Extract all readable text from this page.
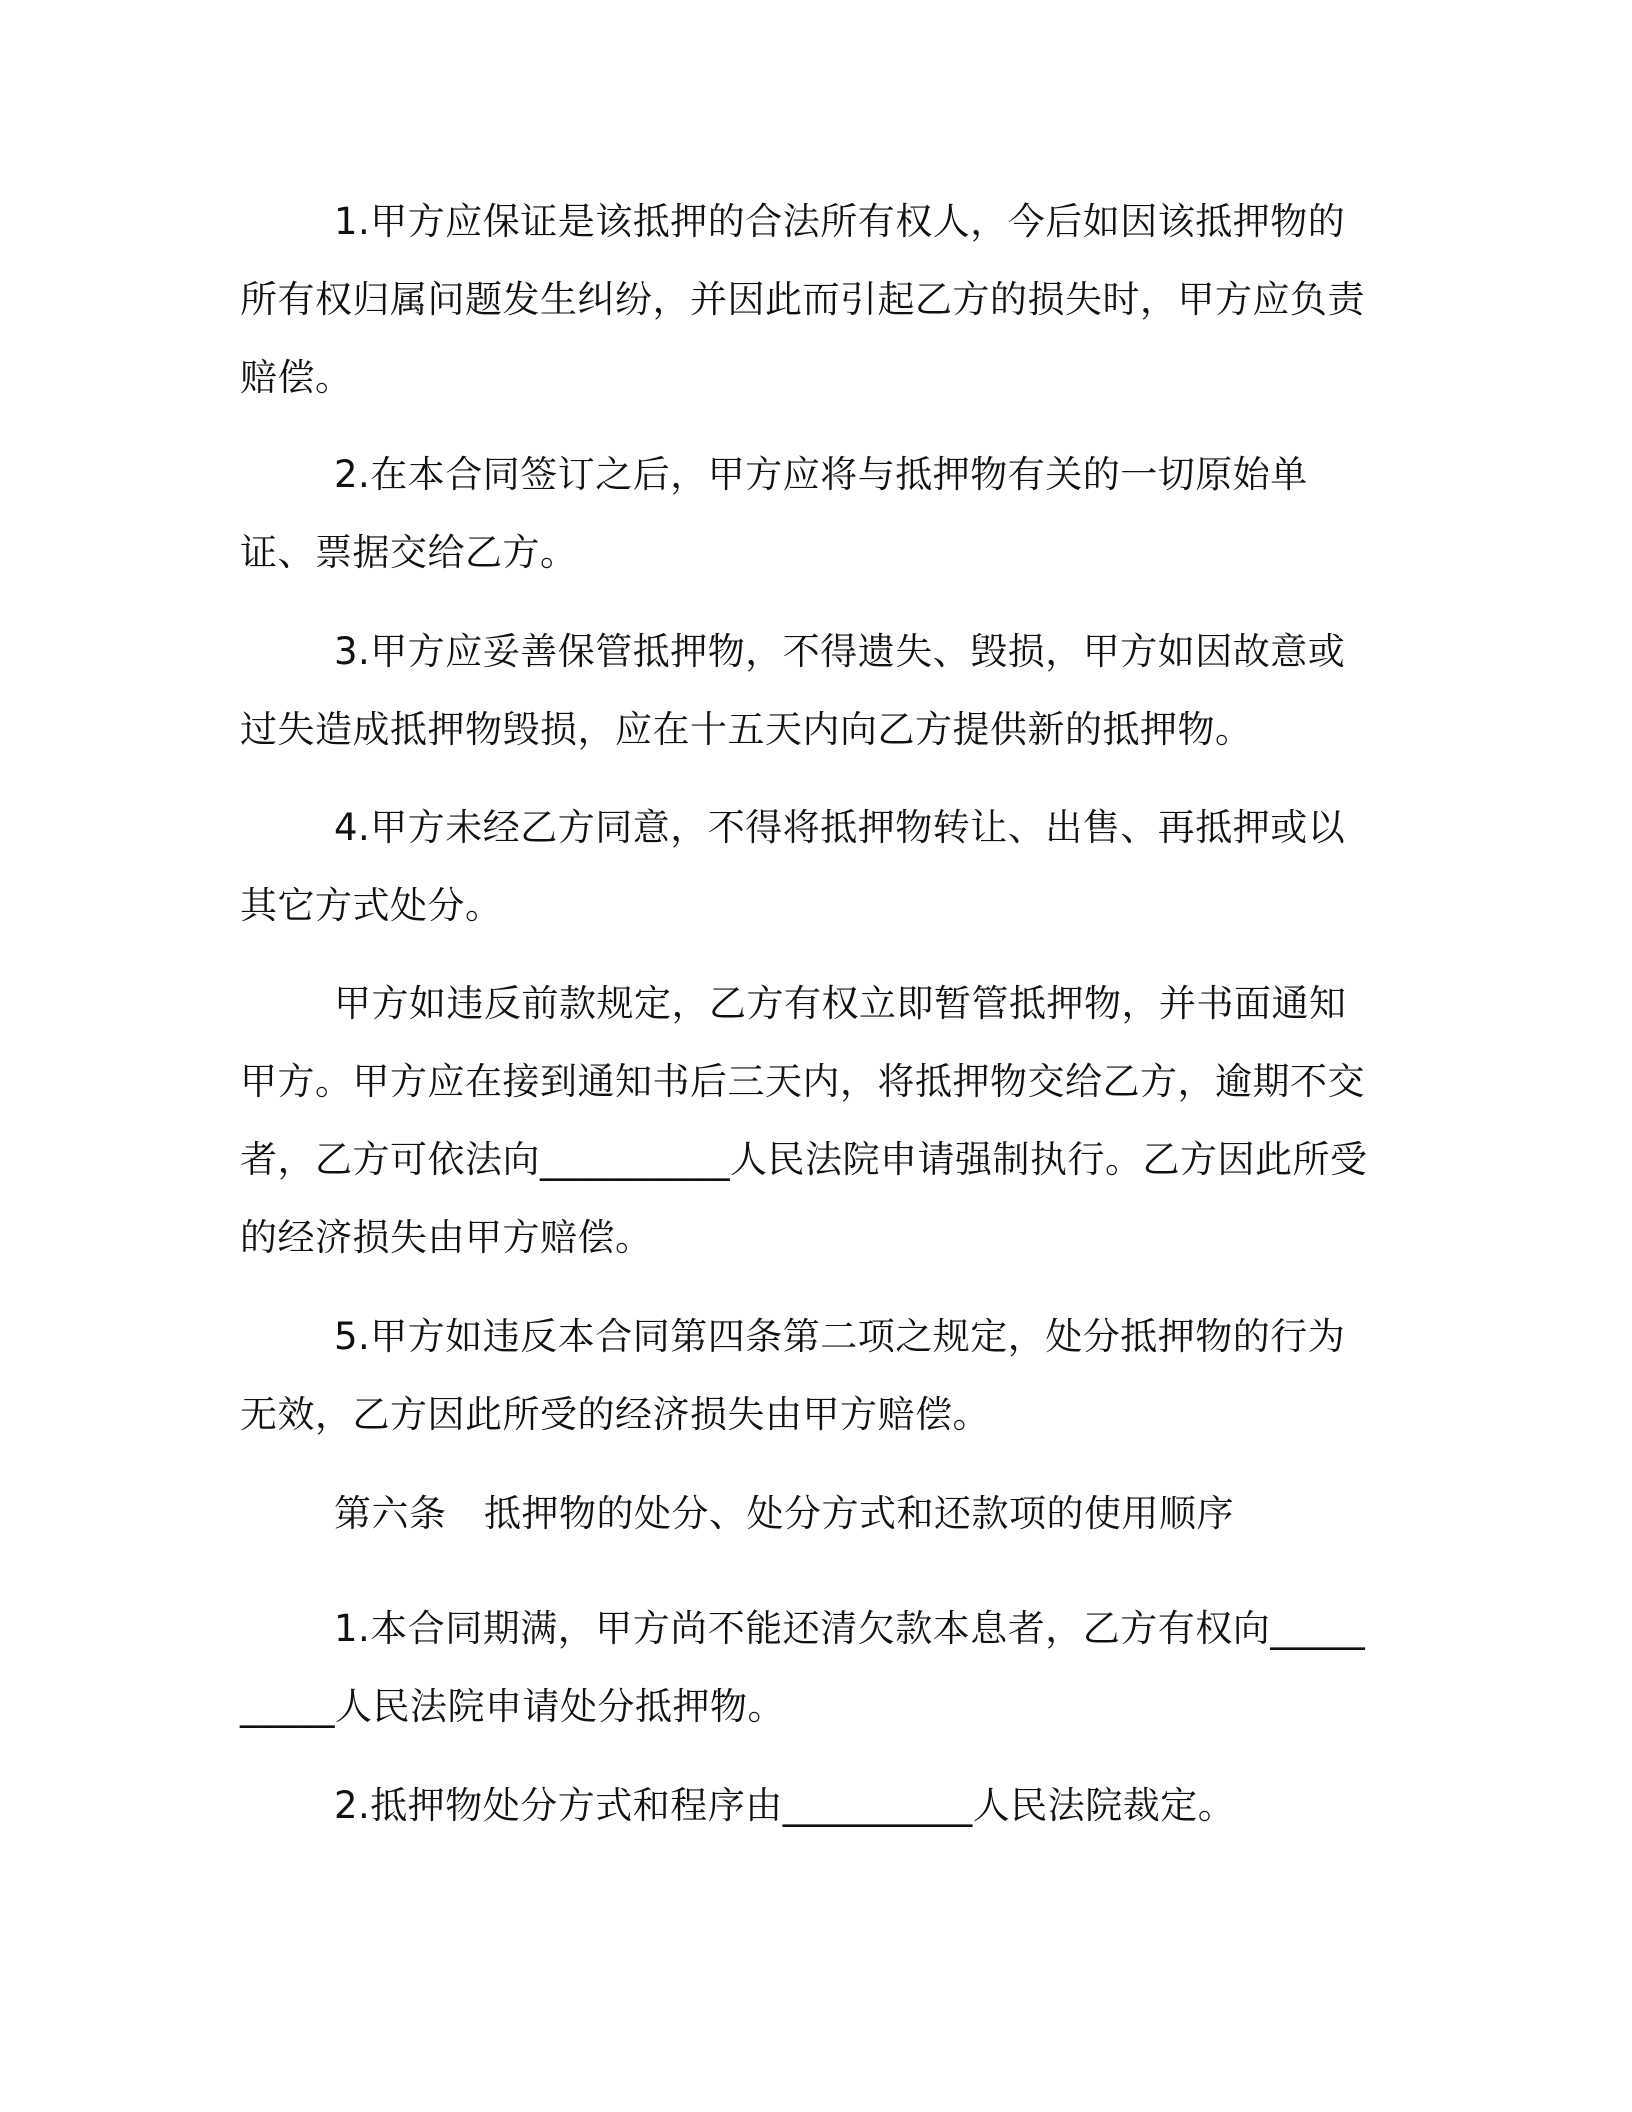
1.甲方应保证是该抵押的合法所有权人，今后如因该抵押物的所有权归属问题发生纠纷，并因此而引起乙方的损失时，甲方应负责赔偿。

2.在本合同签订之后，甲方应将与抵押物有关的一切原始单证、票据交给乙方。

3.甲方应妥善保管抵押物，不得遗失、毁损，甲方如因故意或过失造成抵押物毁损，应在十五天内向乙方提供新的抵押物。

4.甲方未经乙方同意，不得将抵押物转让、出售、再抵押或以其它方式处分。

甲方如违反前款规定，乙方有权立即暂管抵押物，并书面通知甲方。甲方应在接到通知书后三天内，将抵押物交给乙方，逾期不交者，乙方可依法向__________人民法院申请强制执行。乙方因此所受的经济损失由甲方赔偿。

5.甲方如违反本合同第四条第二项之规定，处分抵押物的行为无效，乙方因此所受的经济损失由甲方赔偿。

第六条　抵押物的处分、处分方式和还款项的使用顺序

1.本合同期满，甲方尚不能还清欠款本息者，乙方有权向__________人民法院申请处分抵押物。

2.抵押物处分方式和程序由__________人民法院裁定。
